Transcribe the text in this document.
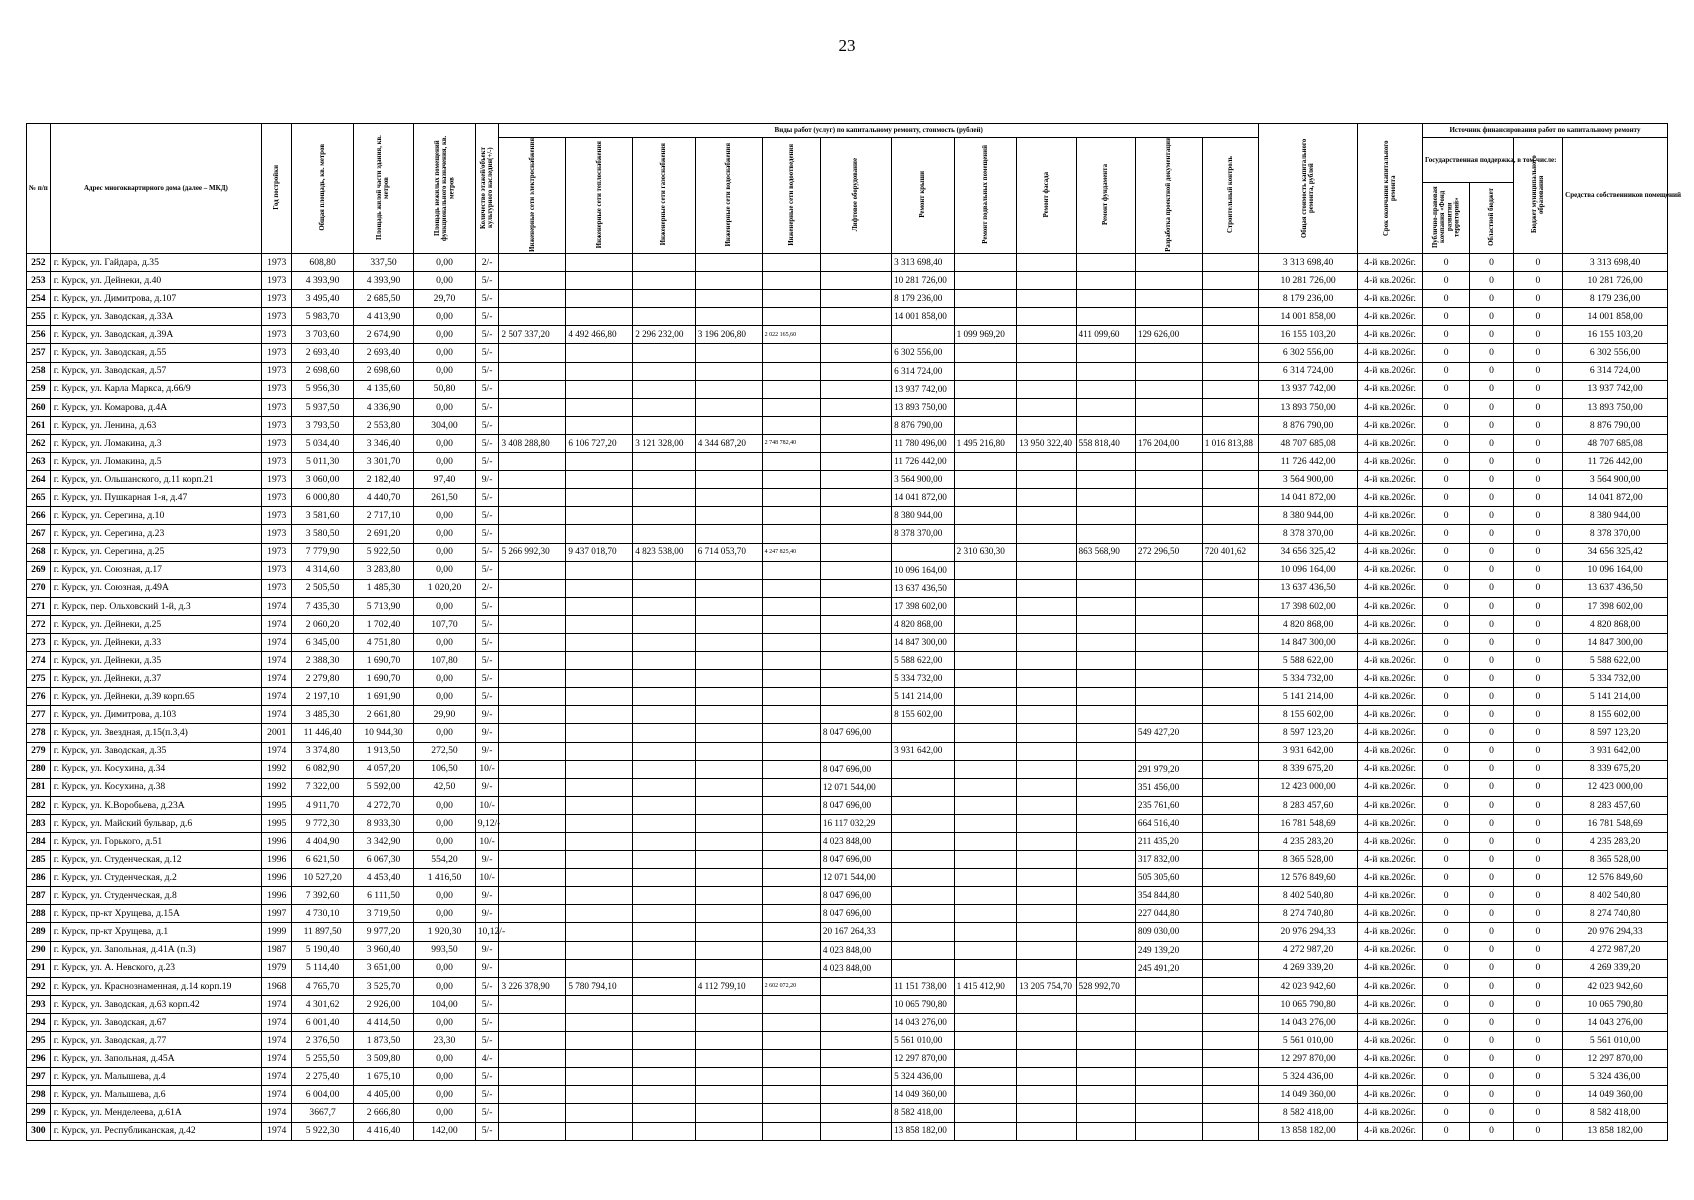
23
№ п/п	Адрес многоквартирного дома (далее – МКД)	Год постройки	Общая площадь, кв. метров	Площадь жилой части здания, кв. метров	Площадь нежилых помещений функционального назначения, кв. метров	Количество этажей/объект культурного наследия(+/-)	Виды работ (услуг) по капитальному ремонту, стоимость (рублей)												Общая стоимость капитального ремонта, рублей	Срок окончания капитального ремонта	Источник финансирования работ по капитальному ремонту			
							Инженерные сети электроснабжения	Инженерные сети теплоснабжения	Инженерные сети газоснабжения	Инженерные сети водоснабжения	Инженерные сети водоотведения	Лифтовое оборудование	Ремонт крыши	Ремонт подвальных помещений	Ремонт фасада	Ремонт фундамента	Разработка проектной документации	Строительный контроль			Государственная поддержка, в том числе:		Бюджет муниципального образования	Средства собственников помещений
																					Публично-правовая компания «Фонд развития территорий»	Областной бюджет		
252	г. Курск, ул. Гайдара, д.35	1973	608,80	337,50	0,00	2/-							3 313 698,40						3 313 698,40	4-й кв.2026г.	0	0	0	3 313 698,40
253	г. Курск, ул. Дейнеки, д.40	1973	4 393,90	4 393,90	0,00	5/-							10 281 726,00						10 281 726,00	4-й кв.2026г.	0	0	0	10 281 726,00
254	г. Курск, ул. Димитрова, д.107	1973	3 495,40	2 685,50	29,70	5/-							8 179 236,00						8 179 236,00	4-й кв.2026г.	0	0	0	8 179 236,00
255	г. Курск, ул. Заводская, д.33А	1973	5 983,70	4 413,90	0,00	5/-							14 001 858,00						14 001 858,00	4-й кв.2026г.	0	0	0	14 001 858,00
256	г. Курск, ул. Заводская, д.39А	1973	3 703,60	2 674,90	0,00	5/-	2 507 337,20	4 492 466,80	2 296 232,00	3 196 206,80	2 022 165,60			1 099 969,20		411 099,60	129 626,00		16 155 103,20	4-й кв.2026г.	0	0	0	16 155 103,20
257	г. Курск, ул. Заводская, д.55	1973	2 693,40	2 693,40	0,00	5/-							6 302 556,00						6 302 556,00	4-й кв.2026г.	0	0	0	6 302 556,00
258	г. Курск, ул. Заводская, д.57	1973	2 698,60	2 698,60	0,00	5/-							6 314 724,00						6 314 724,00	4-й кв.2026г.	0	0	0	6 314 724,00
259	г. Курск, ул. Карла Маркса, д.66/9	1973	5 956,30	4 135,60	50,80	5/-							13 937 742,00						13 937 742,00	4-й кв.2026г.	0	0	0	13 937 742,00
260	г. Курск, ул. Комарова, д.4А	1973	5 937,50	4 336,90	0,00	5/-							13 893 750,00						13 893 750,00	4-й кв.2026г.	0	0	0	13 893 750,00
261	г. Курск, ул. Ленина, д.63	1973	3 793,50	2 553,80	304,00	5/-							8 876 790,00						8 876 790,00	4-й кв.2026г.	0	0	0	8 876 790,00
262	г. Курск, ул. Ломакина, д.3	1973	5 034,40	3 346,40	0,00	5/-	3 408 288,80	6 106 727,20	3 121 328,00	4 344 687,20	2 748 782,40		11 780 496,00	1 495 216,80	13 950 322,40	558 818,40	176 204,00	1 016 813,88	48 707 685,08	4-й кв.2026г.	0	0	0	48 707 685,08
263	г. Курск, ул. Ломакина, д.5	1973	5 011,30	3 301,70	0,00	5/-							11 726 442,00						11 726 442,00	4-й кв.2026г.	0	0	0	11 726 442,00
264	г. Курск, ул. Ольшанского, д.11 корп.21	1973	3 060,00	2 182,40	97,40	9/-							3 564 900,00						3 564 900,00	4-й кв.2026г.	0	0	0	3 564 900,00
265	г. Курск, ул. Пушкарная 1-я, д.47	1973	6 000,80	4 440,70	261,50	5/-							14 041 872,00						14 041 872,00	4-й кв.2026г.	0	0	0	14 041 872,00
266	г. Курск, ул. Серегина, д.10	1973	3 581,60	2 717,10	0,00	5/-							8 380 944,00						8 380 944,00	4-й кв.2026г.	0	0	0	8 380 944,00
267	г. Курск, ул. Серегина, д.23	1973	3 580,50	2 691,20	0,00	5/-							8 378 370,00						8 378 370,00	4-й кв.2026г.	0	0	0	8 378 370,00
268	г. Курск, ул. Серегина, д.25	1973	7 779,90	5 922,50	0,00	5/-	5 266 992,30	9 437 018,70	4 823 538,00	6 714 053,70	4 247 825,40			2 310 630,30		863 568,90	272 296,50	720 401,62	34 656 325,42	4-й кв.2026г.	0	0	0	34 656 325,42
269	г. Курск, ул. Союзная, д.17	1973	4 314,60	3 283,80	0,00	5/-							10 096 164,00						10 096 164,00	4-й кв.2026г.	0	0	0	10 096 164,00
270	г. Курск, ул. Союзная, д.49А	1973	2 505,50	1 485,30	1 020,20	2/-							13 637 436,50						13 637 436,50	4-й кв.2026г.	0	0	0	13 637 436,50
271	г. Курск, пер. Ольховский 1-й, д.3	1974	7 435,30	5 713,90	0,00	5/-							17 398 602,00						17 398 602,00	4-й кв.2026г.	0	0	0	17 398 602,00
272	г. Курск, ул. Дейнеки, д.25	1974	2 060,20	1 702,40	107,70	5/-							4 820 868,00						4 820 868,00	4-й кв.2026г.	0	0	0	4 820 868,00
273	г. Курск, ул. Дейнеки, д.33	1974	6 345,00	4 751,80	0,00	5/-							14 847 300,00						14 847 300,00	4-й кв.2026г.	0	0	0	14 847 300,00
274	г. Курск, ул. Дейнеки, д.35	1974	2 388,30	1 690,70	107,80	5/-							5 588 622,00						5 588 622,00	4-й кв.2026г.	0	0	0	5 588 622,00
275	г. Курск, ул. Дейнеки, д.37	1974	2 279,80	1 690,70	0,00	5/-							5 334 732,00						5 334 732,00	4-й кв.2026г.	0	0	0	5 334 732,00
276	г. Курск, ул. Дейнеки, д.39 корп.65	1974	2 197,10	1 691,90	0,00	5/-							5 141 214,00						5 141 214,00	4-й кв.2026г.	0	0	0	5 141 214,00
277	г. Курск, ул. Димитрова, д.103	1974	3 485,30	2 661,80	29,90	9/-							8 155 602,00						8 155 602,00	4-й кв.2026г.	0	0	0	8 155 602,00
278	г. Курск, ул. Звездная, д.15(п.3,4)	2001	11 446,40	10 944,30	0,00	9/-						8 047 696,00					549 427,20		8 597 123,20	4-й кв.2026г.	0	0	0	8 597 123,20
279	г. Курск, ул. Заводская, д.35	1974	3 374,80	1 913,50	272,50	9/-							3 931 642,00						3 931 642,00	4-й кв.2026г.	0	0	0	3 931 642,00
280	г. Курск, ул. Косухина, д.34	1992	6 082,90	4 057,20	106,50	10/-						8 047 696,00					291 979,20		8 339 675,20	4-й кв.2026г.	0	0	0	8 339 675,20
281	г. Курск, ул. Косухина, д.38	1992	7 322,00	5 592,00	42,50	9/-						12 071 544,00					351 456,00		12 423 000,00	4-й кв.2026г.	0	0	0	12 423 000,00
282	г. Курск, ул. К.Воробьева, д.23А	1995	4 911,70	4 272,70	0,00	10/-						8 047 696,00					235 761,60		8 283 457,60	4-й кв.2026г.	0	0	0	8 283 457,60
283	г. Курск, ул. Майский бульвар, д.6	1995	9 772,30	8 933,30	0,00	9,12/-						16 117 032,29					664 516,40		16 781 548,69	4-й кв.2026г.	0	0	0	16 781 548,69
284	г. Курск, ул. Горького, д.51	1996	4 404,90	3 342,90	0,00	10/-						4 023 848,00					211 435,20		4 235 283,20	4-й кв.2026г.	0	0	0	4 235 283,20
285	г. Курск, ул. Студенческая, д.12	1996	6 621,50	6 067,30	554,20	9/-						8 047 696,00					317 832,00		8 365 528,00	4-й кв.2026г.	0	0	0	8 365 528,00
286	г. Курск, ул. Студенческая, д.2	1996	10 527,20	4 453,40	1 416,50	10/-						12 071 544,00					505 305,60		12 576 849,60	4-й кв.2026г.	0	0	0	12 576 849,60
287	г. Курск, ул. Студенческая, д.8	1996	7 392,60	6 111,50	0,00	9/-						8 047 696,00					354 844,80		8 402 540,80	4-й кв.2026г.	0	0	0	8 402 540,80
288	г. Курск, пр-кт Хрущева, д.15А	1997	4 730,10	3 719,50	0,00	9/-						8 047 696,00					227 044,80		8 274 740,80	4-й кв.2026г.	0	0	0	8 274 740,80
289	г. Курск, пр-кт Хрущева, д.1	1999	11 897,50	9 977,20	1 920,30	10,12/-						20 167 264,33					809 030,00		20 976 294,33	4-й кв.2026г.	0	0	0	20 976 294,33
290	г. Курск, ул. Запольная, д.41А (п.3)	1987	5 190,40	3 960,40	993,50	9/-						4 023 848,00					249 139,20		4 272 987,20	4-й кв.2026г.	0	0	0	4 272 987,20
291	г. Курск, ул. А. Невского, д.23	1979	5 114,40	3 651,00	0,00	9/-						4 023 848,00					245 491,20		4 269 339,20	4-й кв.2026г.	0	0	0	4 269 339,20
292	г. Курск, ул. Краснознаменная, д.14 корп.19	1968	4 765,70	3 525,70	0,00	5/-	3 226 378,90	5 780 794,10		4 112 799,10	2 602 072,20		11 151 738,00	1 415 412,90	13 205 754,70	528 992,70			42 023 942,60	4-й кв.2026г.	0	0	0	42 023 942,60
293	г. Курск, ул. Заводская, д.63 корп.42	1974	4 301,62	2 926,00	104,00	5/-							10 065 790,80						10 065 790,80	4-й кв.2026г.	0	0	0	10 065 790,80
294	г. Курск, ул. Заводская, д.67	1974	6 001,40	4 414,50	0,00	5/-							14 043 276,00						14 043 276,00	4-й кв.2026г.	0	0	0	14 043 276,00
295	г. Курск, ул. Заводская, д.77	1974	2 376,50	1 873,50	23,30	5/-							5 561 010,00						5 561 010,00	4-й кв.2026г.	0	0	0	5 561 010,00
296	г. Курск, ул. Запольная, д.45А	1974	5 255,50	3 509,80	0,00	4/-							12 297 870,00						12 297 870,00	4-й кв.2026г.	0	0	0	12 297 870,00
297	г. Курск, ул. Малышева, д.4	1974	2 275,40	1 675,10	0,00	5/-							5 324 436,00						5 324 436,00	4-й кв.2026г.	0	0	0	5 324 436,00
298	г. Курск, ул. Малышева, д.6	1974	6 004,00	4 405,00	0,00	5/-							14 049 360,00						14 049 360,00	4-й кв.2026г.	0	0	0	14 049 360,00
299	г. Курск, ул. Менделеева, д.61А	1974	3667,7	2 666,80	0,00	5/-							8 582 418,00						8 582 418,00	4-й кв.2026г.	0	0	0	8 582 418,00
300	г. Курск, ул. Республиканская, д.42	1974	5 922,30	4 416,40	142,00	5/-							13 858 182,00						13 858 182,00	4-й кв.2026г.	0	0	0	13 858 182,00
